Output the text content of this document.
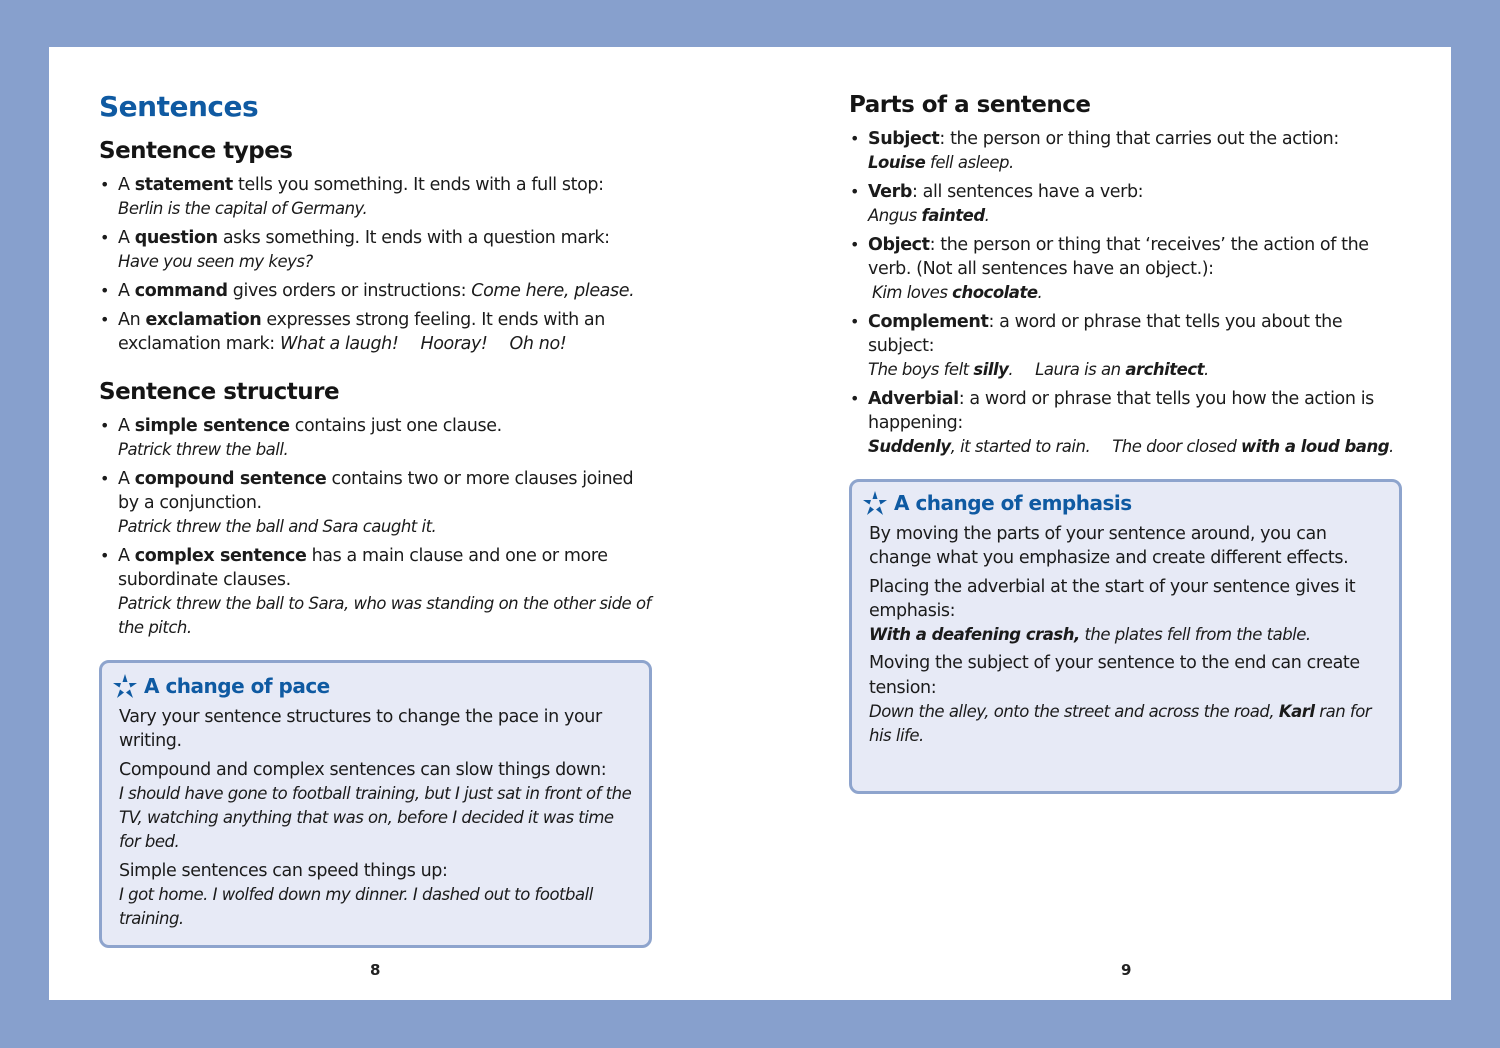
Sentences
Sentence types
• A statement tells you something. It ends with a full stop:
Berlin is the capital of Germany.
• A question asks something. It ends with a question mark:
Have you seen my keys?
• A command gives orders or instructions: Come here, please.
• An exclamation expresses strong feeling. It ends with an exclamation mark: What a laugh! Hooray! Oh no!
Sentence structure
• A simple sentence contains just one clause.
Patrick threw the ball.
• A compound sentence contains two or more clauses joined by a conjunction.
Patrick threw the ball and Sara caught it.
• A complex sentence has a main clause and one or more subordinate clauses.
Patrick threw the ball to Sara, who was standing on the other side of the pitch.
A change of pace

Vary your sentence structures to change the pace in your writing.

Compound and complex sentences can slow things down:
I should have gone to football training, but I just sat in front of the TV, watching anything that was on, before I decided it was time for bed.

Simple sentences can speed things up:
I got home. I wolfed down my dinner. I dashed out to football training.

8
Parts of a sentence
• Subject: the person or thing that carries out the action:
Louise fell asleep.
• Verb: all sentences have a verb:
Angus fainted.
• Object: the person or thing that ‘receives’ the action of the verb. (Not all sentences have an object.):
Kim loves chocolate.
• Complement: a word or phrase that tells you about the subject:
The boys felt silly. Laura is an architect.
• Adverbial: a word or phrase that tells you how the action is happening:
Suddenly, it started to rain. The door closed with a loud bang.
A change of emphasis

By moving the parts of your sentence around, you can change what you emphasize and create different effects.

Placing the adverbial at the start of your sentence gives it emphasis:
With a deafening crash, the plates fell from the table.

Moving the subject of your sentence to the end can create tension:
Down the alley, onto the street and across the road, Karl ran for his life.

9
